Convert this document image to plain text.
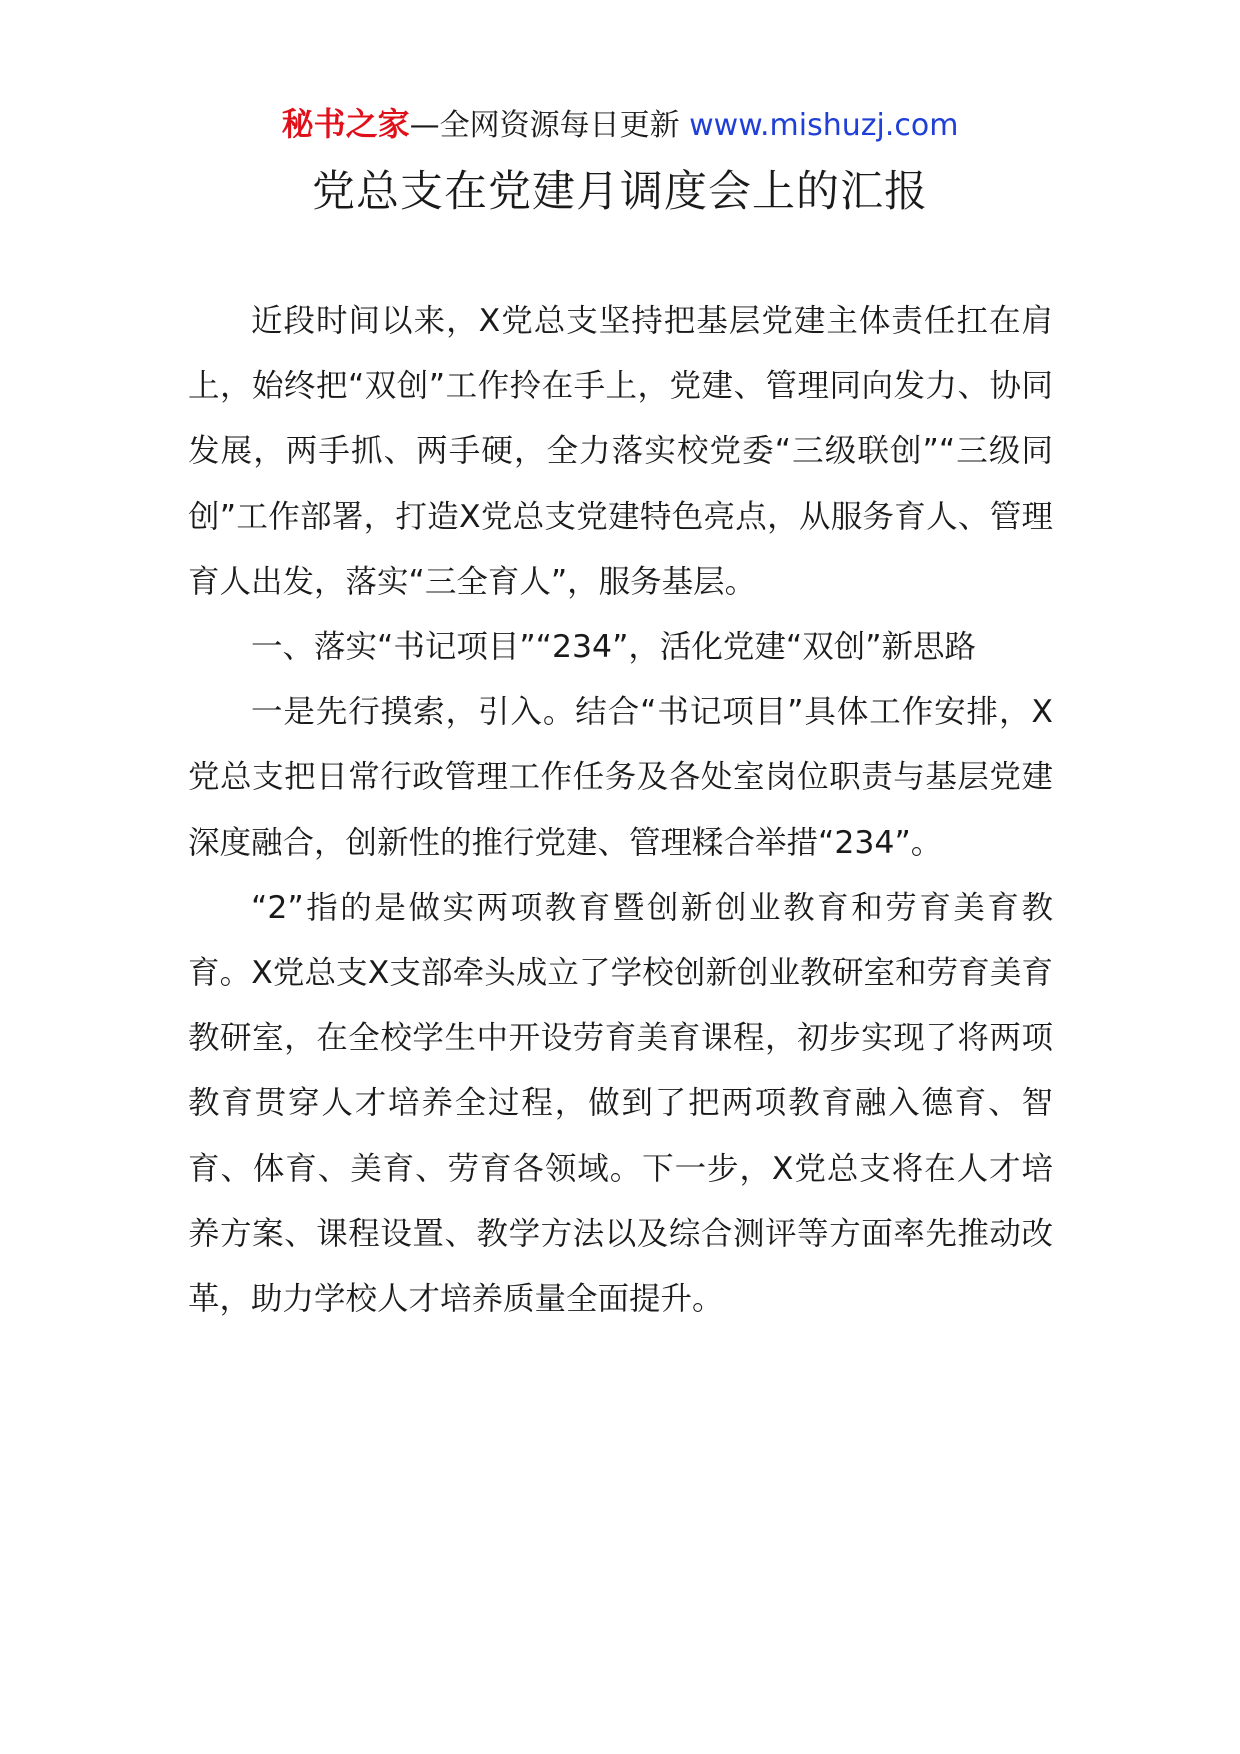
秘书之家—全网资源每日更新 www.mishuzj.com
党总支在党建月调度会上的汇报

近段时间以来，X党总支坚持把基层党建主体责任扛在肩上，始终把“双创”工作拎在手上，党建、管理同向发力、协同发展，两手抓、两手硬，全力落实校党委“三级联创”“三级同创”工作部署，打造X党总支党建特色亮点，从服务育人、管理育人出发，落实“三全育人”，服务基层。

一、落实“书记项目”“234”，活化党建“双创”新思路

一是先行摸索，引入。结合“书记项目”具体工作安排，X党总支把日常行政管理工作任务及各处室岗位职责与基层党建深度融合，创新性的推行党建、管理糅合举措“234”。

“2”指的是做实两项教育暨创新创业教育和劳育美育教育。X党总支X支部牵头成立了学校创新创业教研室和劳育美育教研室，在全校学生中开设劳育美育课程，初步实现了将两项教育贯穿人才培养全过程，做到了把两项教育融入德育、智育、体育、美育、劳育各领域。下一步，X党总支将在人才培养方案、课程设置、教学方法以及综合测评等方面率先推动改革，助力学校人才培养质量全面提升。
